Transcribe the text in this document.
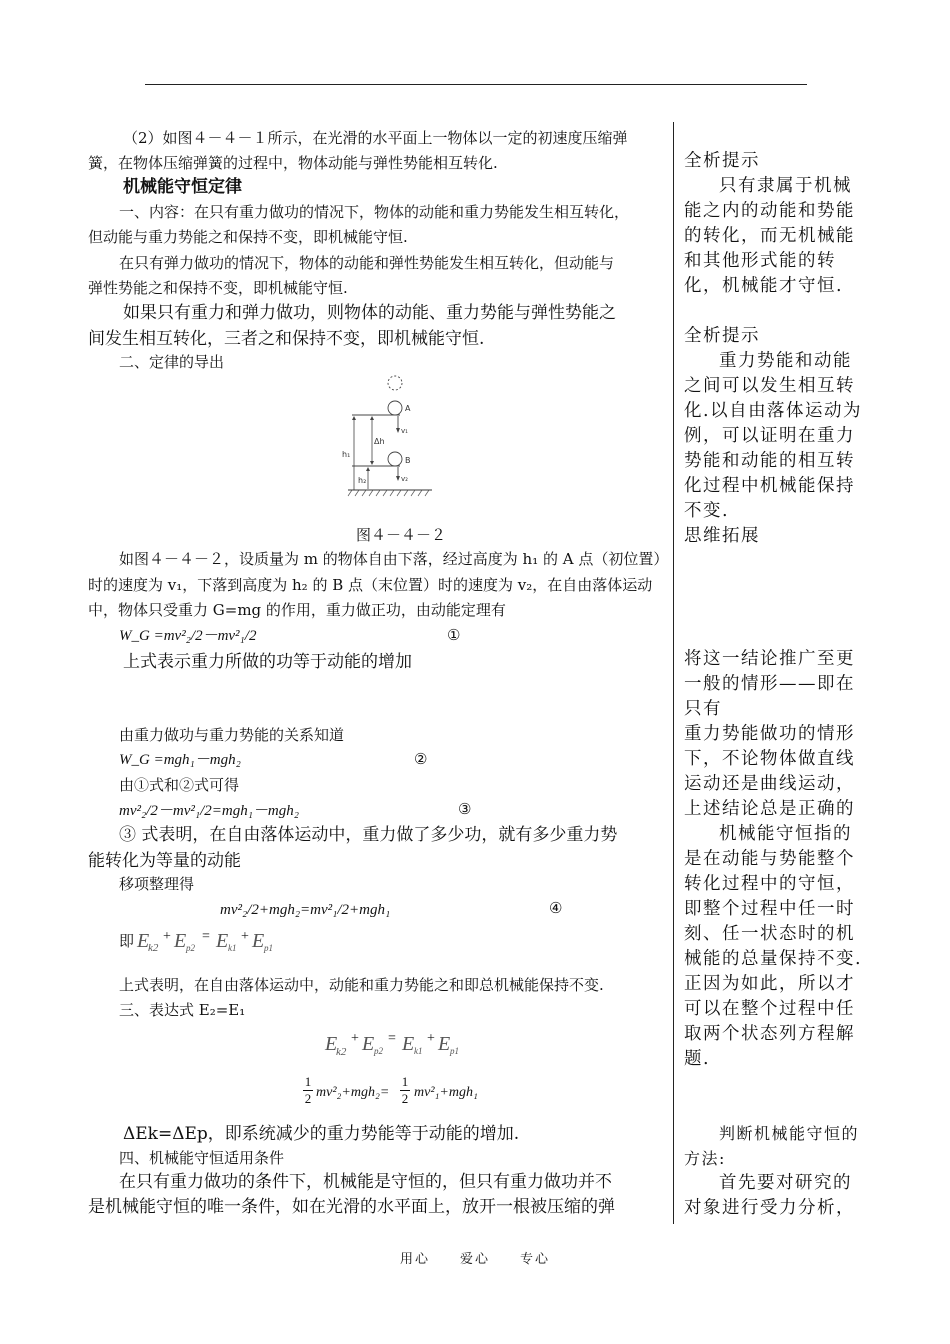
（2）如图４－４－１所示，在光滑的水平面上一物体以一定的初速度压缩弹
簧，在物体压缩弹簧的过程中，物体动能与弹性势能相互转化.
机械能守恒定律
一、内容：在只有重力做功的情况下，物体的动能和重力势能发生相互转化，
但动能与重力势能之和保持不变，即机械能守恒.
在只有弹力做功的情况下，物体的动能和弹性势能发生相互转化，但动能与
弹性势能之和保持不变，即机械能守恒.
如果只有重力和弹力做功，则物体的动能、重力势能与弹性势能之
间发生相互转化，三者之和保持不变，即机械能守恒.
二、定律的导出
A
v₁
B
v₂
h₁
Δh
h₂
图４－４－２
如图４－４－２，设质量为 m 的物体自由下落，经过高度为 h₁ 的 A 点（初位置）
时的速度为 v₁，下落到高度为 h₂ 的 B 点（末位置）时的速度为 v₂，在自由落体运动
中，物体只受重力 G=mg 的作用，重力做正功，由动能定理有
W_G =mv²₂/2－mv²₁/2	①
上式表示重力所做的功等于动能的增加
由重力做功与重力势能的关系知道
W_G =mgh₁－mgh₂	②
由①式和②式可得
mv²₂/2－mv²₁/2=mgh₁－mgh₂	③
③ 式表明，在自由落体运动中，重力做了多少功，就有多少重力势
能转化为等量的动能
移项整理得
mv²₂/2+mgh₂=mv²₁/2+mgh₁	④
即 E
k2
+ E p2
= E k1
+ E p1
上式表明，在自由落体运动中，动能和重力势能之和即总机械能保持不变.
三、表达式 E₂=E₁
E
k2
+ E p2
= E k1
+ E p1
$\frac{1}{2} mv^2_2+mgh_2= \frac{1}{2} mv^2_1+mgh_1$
ΔEk=ΔEp，即系统减少的重力势能等于动能的增加.
四、机械能守恒适用条件
在只有重力做功的条件下，机械能是守恒的，但只有重力做功并不
是机械能守恒的唯一条件，如在光滑的水平面上，放开一根被压缩的弹

全析提示

只有隶属于机械能之内的动能和势能的转化，而无机械能和其他形式能的转化，机械能才守恒.

全析提示

重力势能和动能之间可以发生相互转化.以自由落体运动为例，可以证明在重力势能和动能的相互转化过程中机械能保持不变.

思维拓展

将这一结论推广至更一般的情形——即在只有

重力势能做功的情形下，不论物体做直线运动还是曲线运动，上述结论总是正确的

机械能守恒指的是在动能与势能整个转化过程中的守恒，即整个过程中任一时刻、任一状态时的机械能的总量保持不变.正因为如此，所以才可以在整个过程中任取两个状态列方程解题.

判断机械能守恒的方法:

首先要对研究的对象进行受力分析，

用心　　爱心　　专心
